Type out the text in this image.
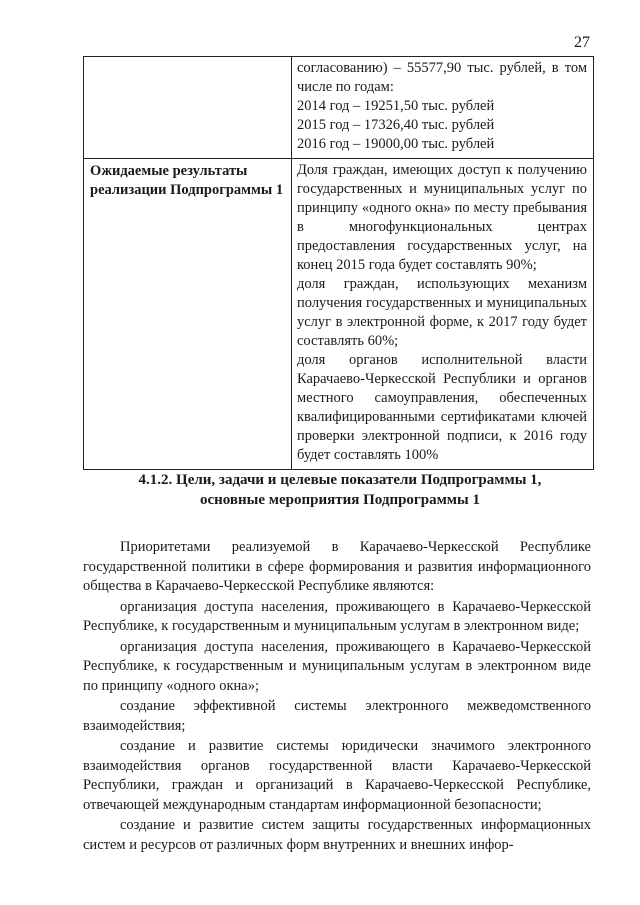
27

	согласованию) – 55577,90 тыс. рублей, в том числе по годам:
2014 год – 19251,50 тыс. рублей
2015 год – 17326,40 тыс. рублей
2016 год – 19000,00 тыс. рублей

Ожидаемые результаты реализации Подпрограммы 1	Доля граждан, имеющих доступ к получению государственных и муниципальных услуг по принципу «одного окна» по месту пребывания в многофункциональных центрах предоставления государственных услуг, на конец 2015 года будет составлять 90%;
доля граждан, использующих механизм получения государственных и муниципальных услуг в электронной форме, к 2017 году будет составлять 60%;
доля органов исполнительной власти Карачаево-Черкесской Республики и органов местного самоуправления, обеспеченных квалифицированными сертификатами ключей проверки электронной подписи, к 2016 году будет составлять 100%
4.1.2. Цели, задачи и целевые показатели Подпрограммы 1,
основные мероприятия Подпрограммы 1

Приоритетами реализуемой в Карачаево-Черкесской Республике государственной политики в сфере формирования и развития информационного общества в Карачаево-Черкесской Республике являются:

организация доступа населения, проживающего в Карачаево-Черкесской Республике, к государственным и муниципальным услугам в электронном виде;

организация доступа населения, проживающего в Карачаево-Черкесской Республике, к государственным и муниципальным услугам в электронном виде по принципу «одного окна»;

создание эффективной системы электронного межведомственного взаимодействия;

создание и развитие системы юридически значимого электронного взаимодействия органов государственной власти Карачаево-Черкесской Республики, граждан и организаций в Карачаево-Черкесской Республике, отвечающей международным стандартам информационной безопасности;

создание и развитие систем защиты государственных информационных систем и ресурсов от различных форм внутренних и внешних инфор-
